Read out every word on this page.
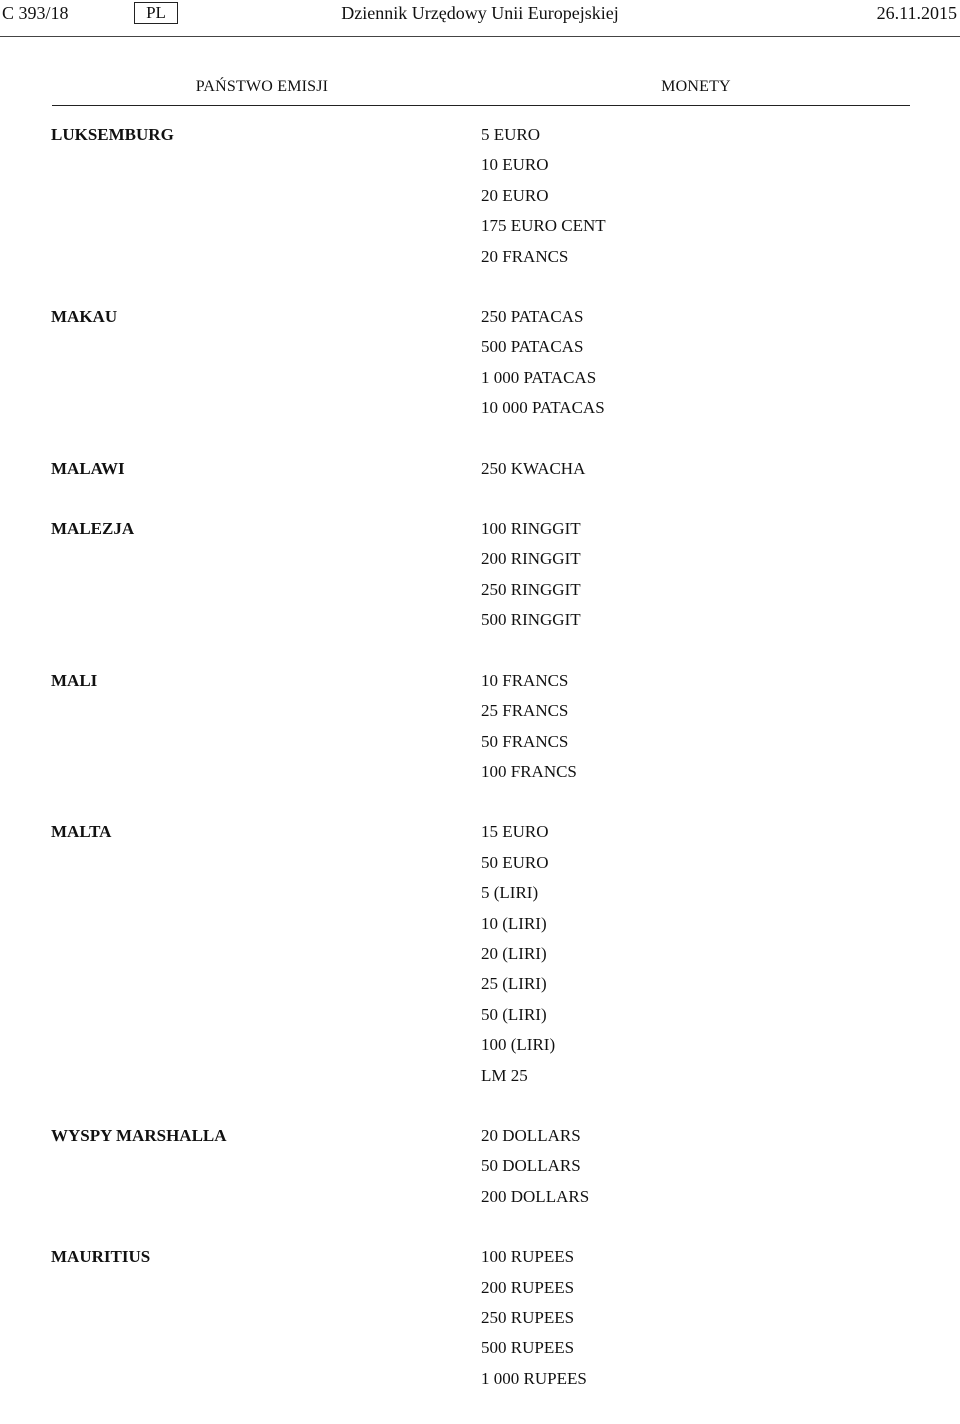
C 393/18	PL	Dziennik Urzędowy Unii Europejskiej	26.11.2015
PAŃSTWO EMISJI	MONETY
LUKSEMBURG	5 EURO
10 EURO
20 EURO
175 EURO CENT
20 FRANCS
MAKAU	250 PATACAS
500 PATACAS
1 000 PATACAS
10 000 PATACAS
MALAWI	250 KWACHA
MALEZJA	100 RINGGIT
200 RINGGIT
250 RINGGIT
500 RINGGIT
MALI	10 FRANCS
25 FRANCS
50 FRANCS
100 FRANCS
MALTA	15 EURO
50 EURO
5 (LIRI)
10 (LIRI)
20 (LIRI)
25 (LIRI)
50 (LIRI)
100 (LIRI)
LM 25
WYSPY MARSHALLA	20 DOLLARS
50 DOLLARS
200 DOLLARS
MAURITIUS	100 RUPEES
200 RUPEES
250 RUPEES
500 RUPEES
1 000 RUPEES
